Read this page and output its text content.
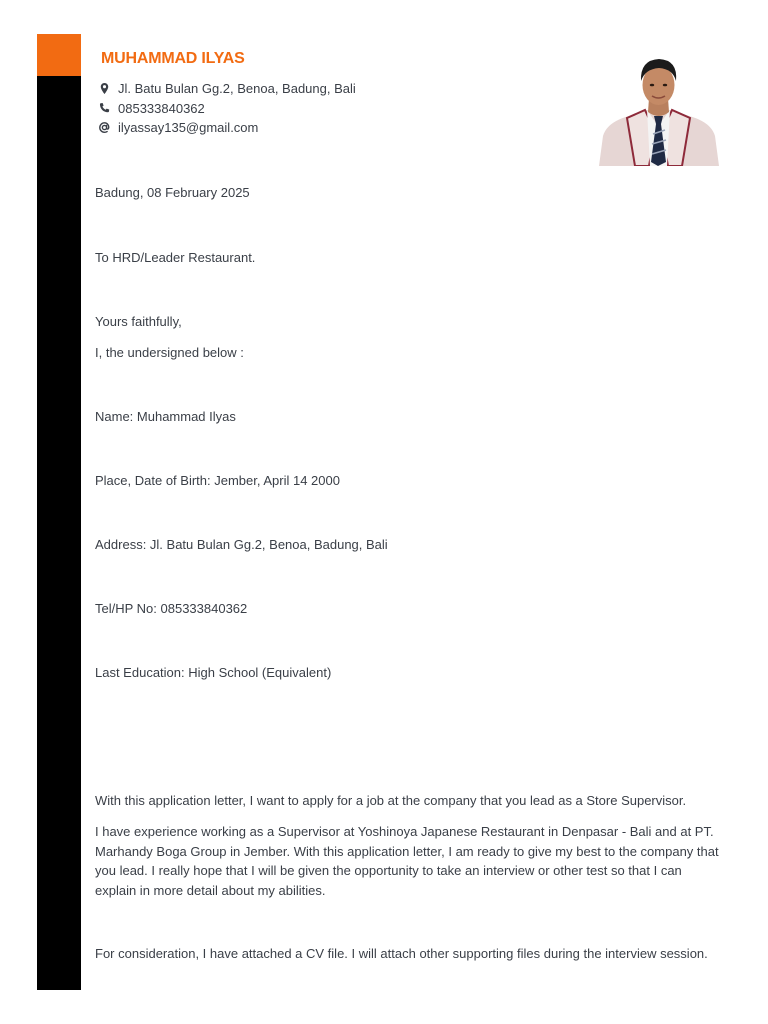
MUHAMMAD ILYAS
Jl. Batu Bulan Gg.2, Benoa, Badung, Bali
085333840362
ilyassay135@gmail.com
Badung, 08 February 2025
To HRD/Leader Restaurant.
Yours faithfully,
I, the undersigned below :
Name: Muhammad Ilyas
Place, Date of Birth: Jember, April 14 2000
Address: Jl. Batu Bulan Gg.2, Benoa, Badung, Bali
Tel/HP No: 085333840362
Last Education: High School (Equivalent)
With this application letter, I want to apply for a job at the company that you lead as a Store Supervisor.
I have experience working as a Supervisor at Yoshinoya Japanese Restaurant in Denpasar - Bali and at PT. Marhandy Boga Group in Jember. With this application letter, I am ready to give my best to the company that you lead. I really hope that I will be given the opportunity to take an interview or other test so that I can explain in more detail about my abilities.
For consideration, I have attached a CV file. I will attach other supporting files during the interview session.
